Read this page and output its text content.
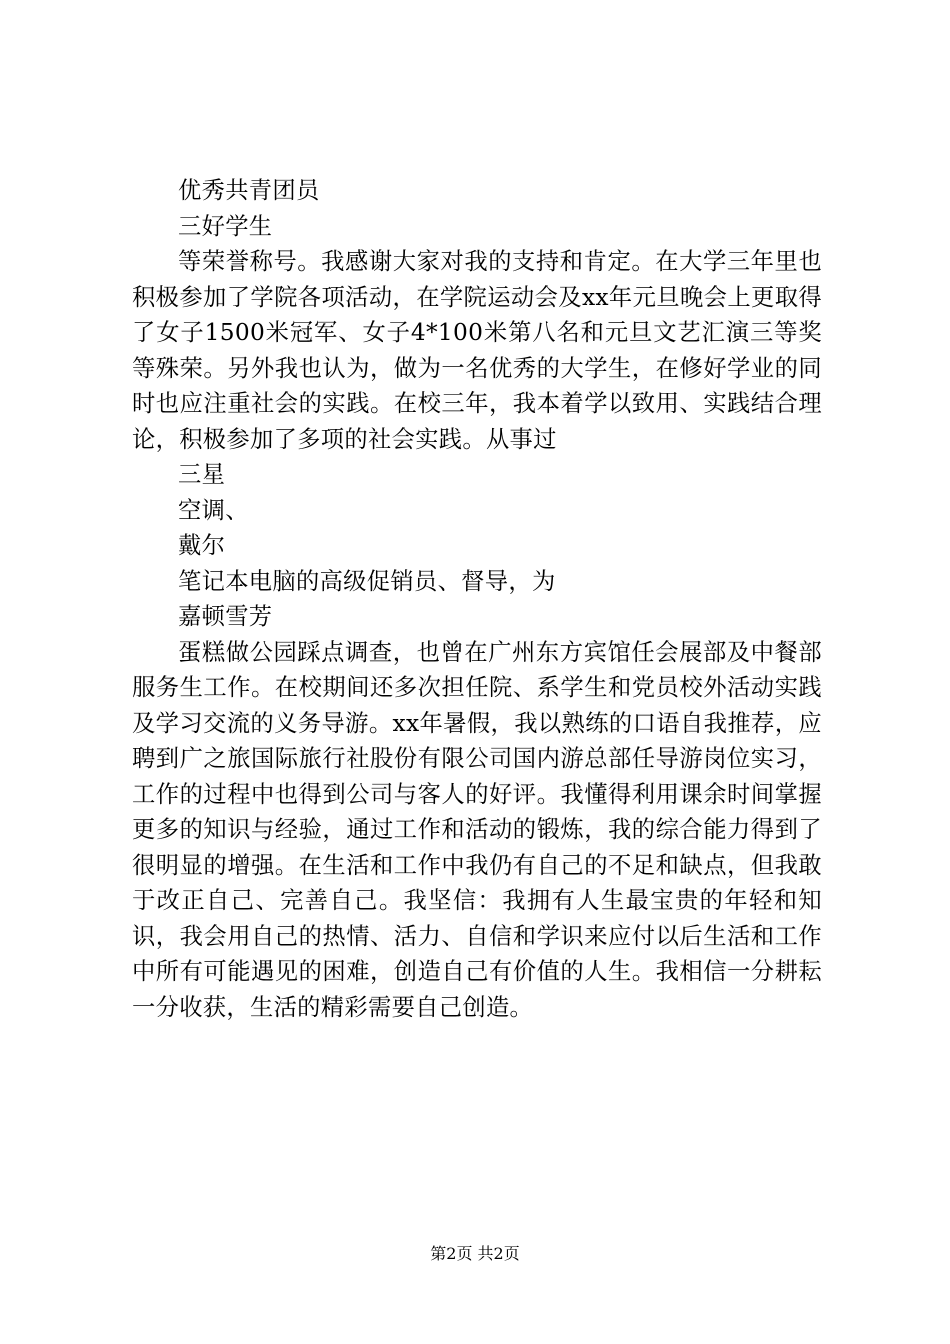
优秀共青团员

三好学生

等荣誉称号。我感谢大家对我的支持和肯定。在大学三年里也积极参加了学院各项活动，在学院运动会及xx年元旦晚会上更取得了女子1500米冠军、女子4*100米第八名和元旦文艺汇演三等奖等殊荣。另外我也认为，做为一名优秀的大学生，在修好学业的同时也应注重社会的实践。在校三年，我本着学以致用、实践结合理论，积极参加了多项的社会实践。从事过

三星

空调、

戴尔

笔记本电脑的高级促销员、督导，为

嘉顿雪芳

蛋糕做公园踩点调查，也曾在广州东方宾馆任会展部及中餐部服务生工作。在校期间还多次担任院、系学生和党员校外活动实践及学习交流的义务导游。xx年暑假，我以熟练的口语自我推荐，应聘到广之旅国际旅行社股份有限公司国内游总部任导游岗位实习，工作的过程中也得到公司与客人的好评。我懂得利用课余时间掌握更多的知识与经验，通过工作和活动的锻炼，我的综合能力得到了很明显的增强。在生活和工作中我仍有自己的不足和缺点，但我敢于改正自己、完善自己。我坚信：我拥有人生最宝贵的年轻和知识，我会用自己的热情、活力、自信和学识来应付以后生活和工作中所有可能遇见的困难，创造自己有价值的人生。我相信一分耕耘一分收获，生活的精彩需要自己创造。

第2页 共2页
